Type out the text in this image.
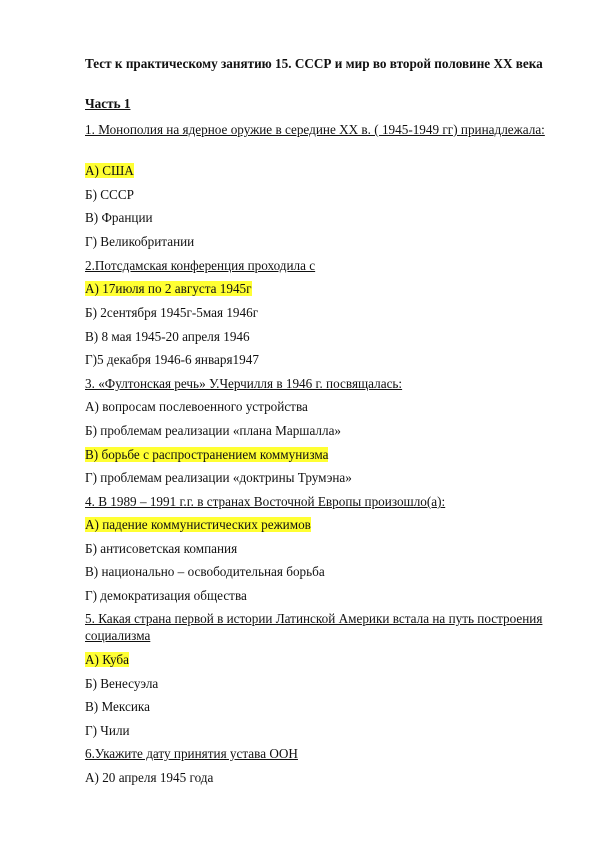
Тест к практическому занятию 15. СССР и мир во второй половине XX века

Часть 1

1. Монополия на ядерное оружие в середине XX в. ( 1945-1949 гг) принадлежала:

А) США

Б) СССР

В) Франции

Г) Великобритании

2.Потсдамская конференция проходила с

А) 17июля по 2 августа 1945г

Б) 2сентября 1945г-5мая 1946г

В) 8 мая 1945-20 апреля 1946

Г)5 декабря 1946-6 января1947

3. «Фултонская речь» У.Черчилля в 1946 г. посвящалась:

А) вопросам послевоенного устройства

Б) проблемам реализации «плана Маршалла»

В) борьбе с распространением коммунизма

Г) проблемам реализации «доктрины Трумэна»

4. В 1989 – 1991 г.г. в странах Восточной Европы произошло(а):

А) падение коммунистических режимов

Б) антисоветская компания

В) национально – освободительная борьба

Г) демократизация общества

5. Какая страна первой в истории Латинской Америки встала на путь построения социализма

А) Куба

Б) Венесуэла

В) Мексика

Г) Чили

6.Укажите дату принятия устава ООН

А) 20 апреля 1945 года
